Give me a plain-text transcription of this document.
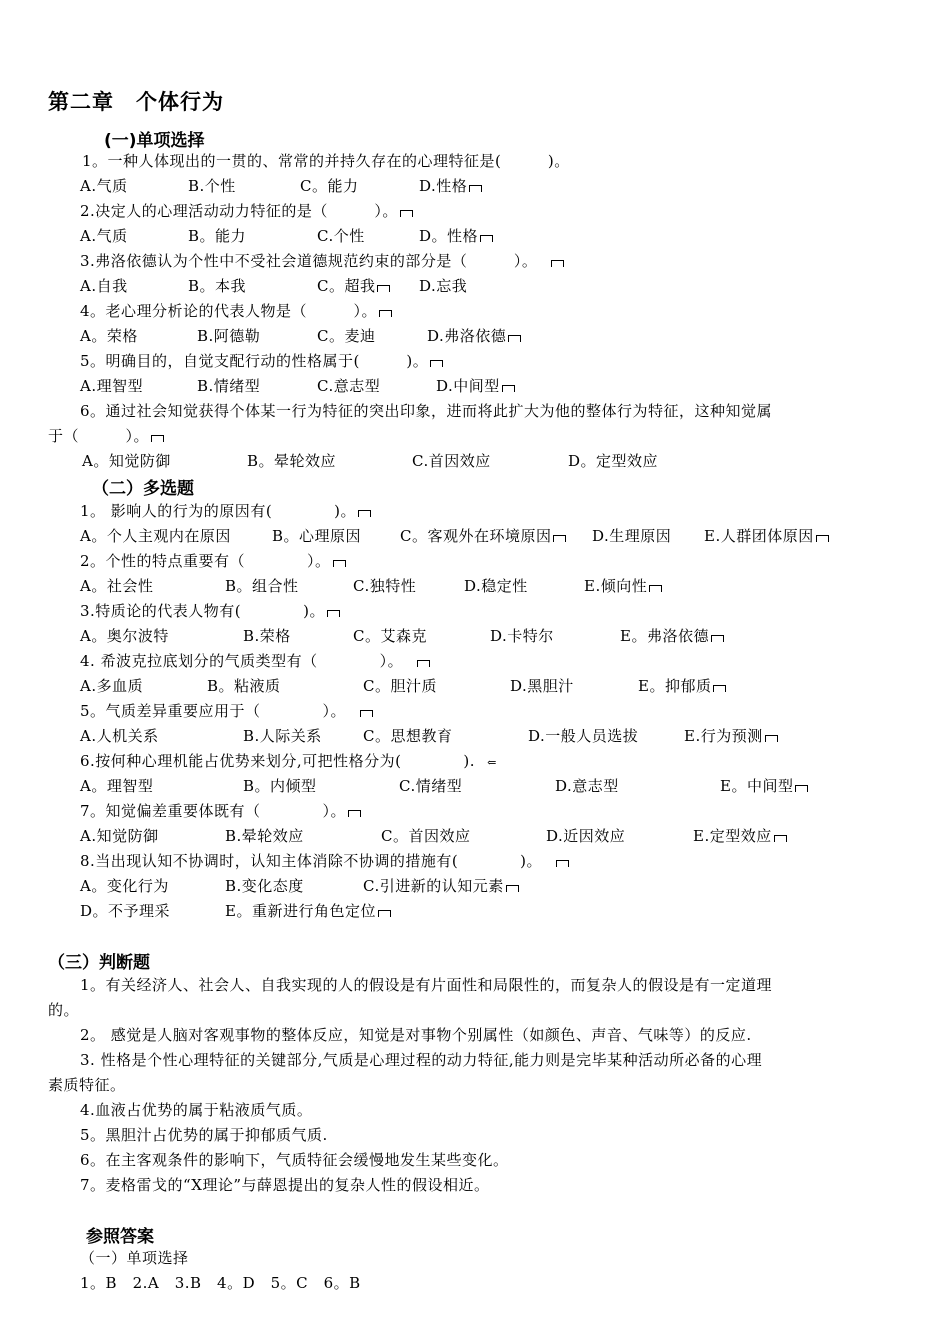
第二章　个体行为
(一)单项选择
1。一种人体现出的一贯的、常常的并持久存在的心理特征是(　　　)。
A.气质	B.个性	C。能力	D.性格
2.决定人的心理活动动力特征的是（　　　）。
A.气质	B。能力	C.个性	D。性格
3.弗洛依德认为个性中不受社会道德规范约束的部分是（　　　）。
A.自我	B。本我	C。超我	D.忘我
4。老心理分析论的代表人物是（　　　）。
A。荣格	B.阿德勒	C。麦迪	D.弗洛依德
5。明确目的，自觉支配行动的性格属于(　　　)。
A.理智型	B.情绪型	C.意志型	D.中间型
6。通过社会知觉获得个体某一行为特征的突出印象，进而将此扩大为他的整体行为特征，这种知觉属
于（　　　）。
A。知觉防御	B。晕轮效应	C.首因效应	D。定型效应
（二）多选题
1。 影响人的行为的原因有(　　　　)。
A。个人主观内在原因	B。心理原因	C。客观外在环境原因	D.生理原因 E.人群团体原因
2。个性的特点重要有（　　　　）。
A。社会性	B。组合性	C.独特性	D.稳定性	E.倾向性
3.特质论的代表人物有(　　　　)。
A。奥尔波特	B.荣格	C。艾森克	D.卡特尔	E。弗洛依德
4. 希波克拉底划分的气质类型有（　　　　）。
A.多血质	B。粘液质	C。胆汁质	D.黑胆汁	E。抑郁质
5。气质差异重要应用于（　　　　）。
A.人机关系	B.人际关系	C。思想教育	D.一般人员选拔	E.行为预测
6.按何种心理机能占优势来划分,可把性格分为(　　　　). ⇐
A。理智型	B。内倾型	C.情绪型	D.意志型	E。中间型
7。知觉偏差重要体既有（　　　　）。
A.知觉防御	B.晕轮效应	C。首因效应	D.近因效应	E.定型效应
8.当出现认知不协调时，认知主体消除不协调的措施有(　　　　)。
A。变化行为	B.变化态度	C.引进新的认知元素
D。不予理采	E。重新进行角色定位
（三）判断题
1。有关经济人、社会人、自我实现的人的假设是有片面性和局限性的，而复杂人的假设是有一定道理
的。
2。 感觉是人脑对客观事物的整体反应，知觉是对事物个别属性（如颜色、声音、气味等）的反应.
3. 性格是个性心理特征的关键部分,气质是心理过程的动力特征,能力则是完毕某种活动所必备的心理
素质特征。
4.血液占优势的属于粘液质气质。
5。黑胆汁占优势的属于抑郁质气质.
6。在主客观条件的影响下，气质特征会缓慢地发生某些变化。
7。麦格雷戈的“X理论”与薛恩提出的复杂人性的假设相近。
参照答案
（一）单项选择
1。B　2.A　3.B　4。D　5。C　6。B
